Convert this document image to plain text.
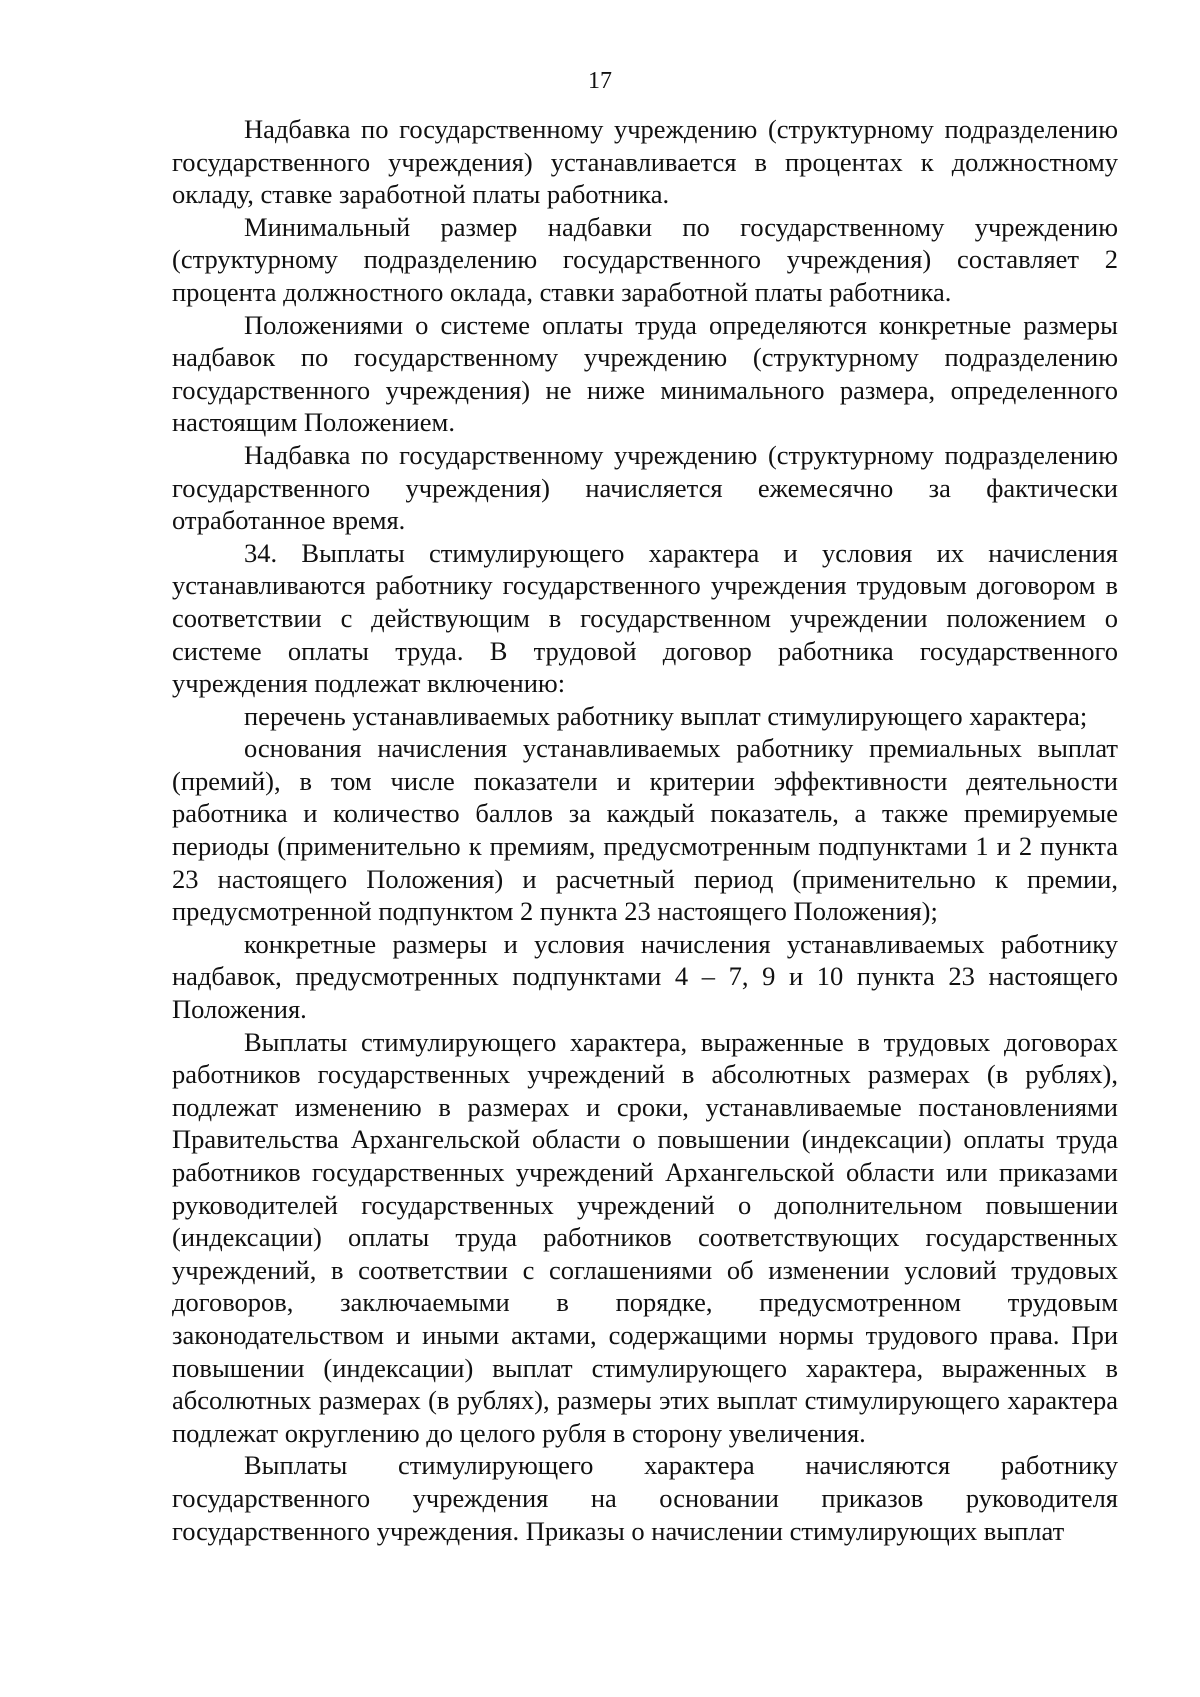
17

Надбавка по государственному учреждению (структурному подразделению государственного учреждения) устанавливается в процентах к должностному окладу, ставке заработной платы работника.

Минимальный размер надбавки по государственному учреждению (структурному подразделению государственного учреждения) составляет 2 процента должностного оклада, ставки заработной платы работника.

Положениями о системе оплаты труда определяются конкретные размеры надбавок по государственному учреждению (структурному подразделению государственного учреждения) не ниже минимального размера, определенного настоящим Положением.

Надбавка по государственному учреждению (структурному подразделению государственного учреждения) начисляется ежемесячно за фактически отработанное время.

34. Выплаты стимулирующего характера и условия их начисления устанавливаются работнику государственного учреждения трудовым договором в соответствии с действующим в государственном учреждении положением о системе оплаты труда. В трудовой договор работника государственного учреждения подлежат включению:

перечень устанавливаемых работнику выплат стимулирующего характера;

основания начисления устанавливаемых работнику премиальных выплат (премий), в том числе показатели и критерии эффективности деятельности работника и количество баллов за каждый показатель, а также премируемые периоды (применительно к премиям, предусмотренным подпунктами 1 и 2 пункта 23 настоящего Положения) и расчетный период (применительно к премии, предусмотренной подпунктом 2 пункта 23 настоящего Положения);

конкретные размеры и условия начисления устанавливаемых работнику надбавок, предусмотренных подпунктами 4 – 7, 9 и 10 пункта 23 настоящего Положения.

Выплаты стимулирующего характера, выраженные в трудовых договорах работников государственных учреждений в абсолютных размерах (в рублях), подлежат изменению в размерах и сроки, устанавливаемые постановлениями Правительства Архангельской области о повышении (индексации) оплаты труда работников государственных учреждений Архангельской области или приказами руководителей государственных учреждений о дополнительном повышении (индексации) оплаты труда работников соответствующих государственных учреждений, в соответствии с соглашениями об изменении условий трудовых договоров, заключаемыми в порядке, предусмотренном трудовым законодательством и иными актами, содержащими нормы трудового права. При повышении (индексации) выплат стимулирующего характера, выраженных в абсолютных размерах (в рублях), размеры этих выплат стимулирующего характера подлежат округлению до целого рубля в сторону увеличения.

Выплаты стимулирующего характера начисляются работнику государственного учреждения на основании приказов руководителя государственного учреждения. Приказы о начислении стимулирующих выплат
